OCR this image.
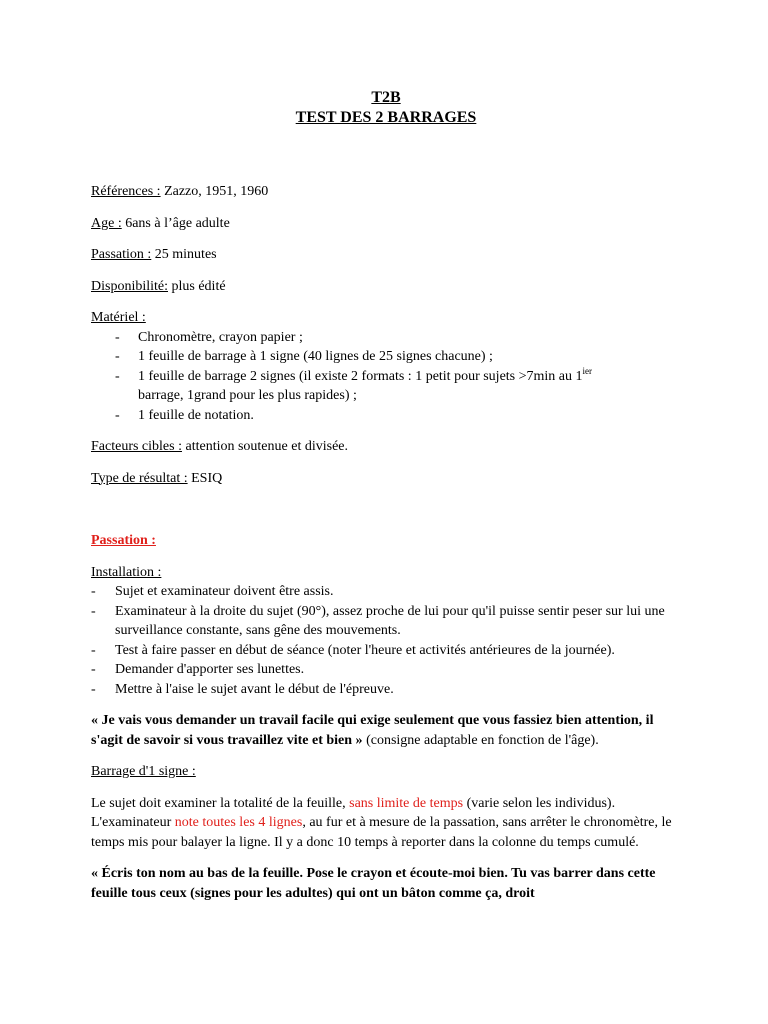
T2B
TEST DES 2 BARRAGES

Références : Zazzo, 1951, 1960

Age : 6ans à l’âge adulte

Passation : 25 minutes

Disponibilité: plus édité

Matériel :

- Chronomètre, crayon papier ;
- 1 feuille de barrage à 1 signe (40 lignes de 25 signes chacune) ;
- 1 feuille de barrage 2 signes (il existe 2 formats : 1 petit pour sujets >7min au $1^{ier}$
barrage, 1grand pour les plus rapides) ;
- 1 feuille de notation.

Facteurs cibles : attention soutenue et divisée.

Type de résultat : ESIQ

Passation :

Installation :

- Sujet et examinateur doivent être assis.
- Examinateur à la droite du sujet (90°), assez proche de lui pour qu'il puisse sentir peser sur lui une surveillance constante, sans gêne des mouvements.
- Test à faire passer en début de séance (noter l'heure et activités antérieures de la journée).
- Demander d'apporter ses lunettes.
- Mettre à l'aise le sujet avant le début de l'épreuve.

« Je vais vous demander un travail facile qui exige seulement que vous fassiez bien attention, il s'agit de savoir si vous travaillez vite et bien » (consigne adaptable en fonction de l'âge).

Barrage d'1 signe :

Le sujet doit examiner la totalité de la feuille, sans limite de temps (varie selon les individus). L'examinateur note toutes les 4 lignes, au fur et à mesure de la passation, sans arrêter le chronomètre, le temps mis pour balayer la ligne. Il y a donc 10 temps à reporter dans la colonne du temps cumulé.

« Écris ton nom au bas de la feuille. Pose le crayon et écoute-moi bien. Tu vas barrer dans cette feuille tous ceux (signes pour les adultes) qui ont un bâton comme ça, droit
